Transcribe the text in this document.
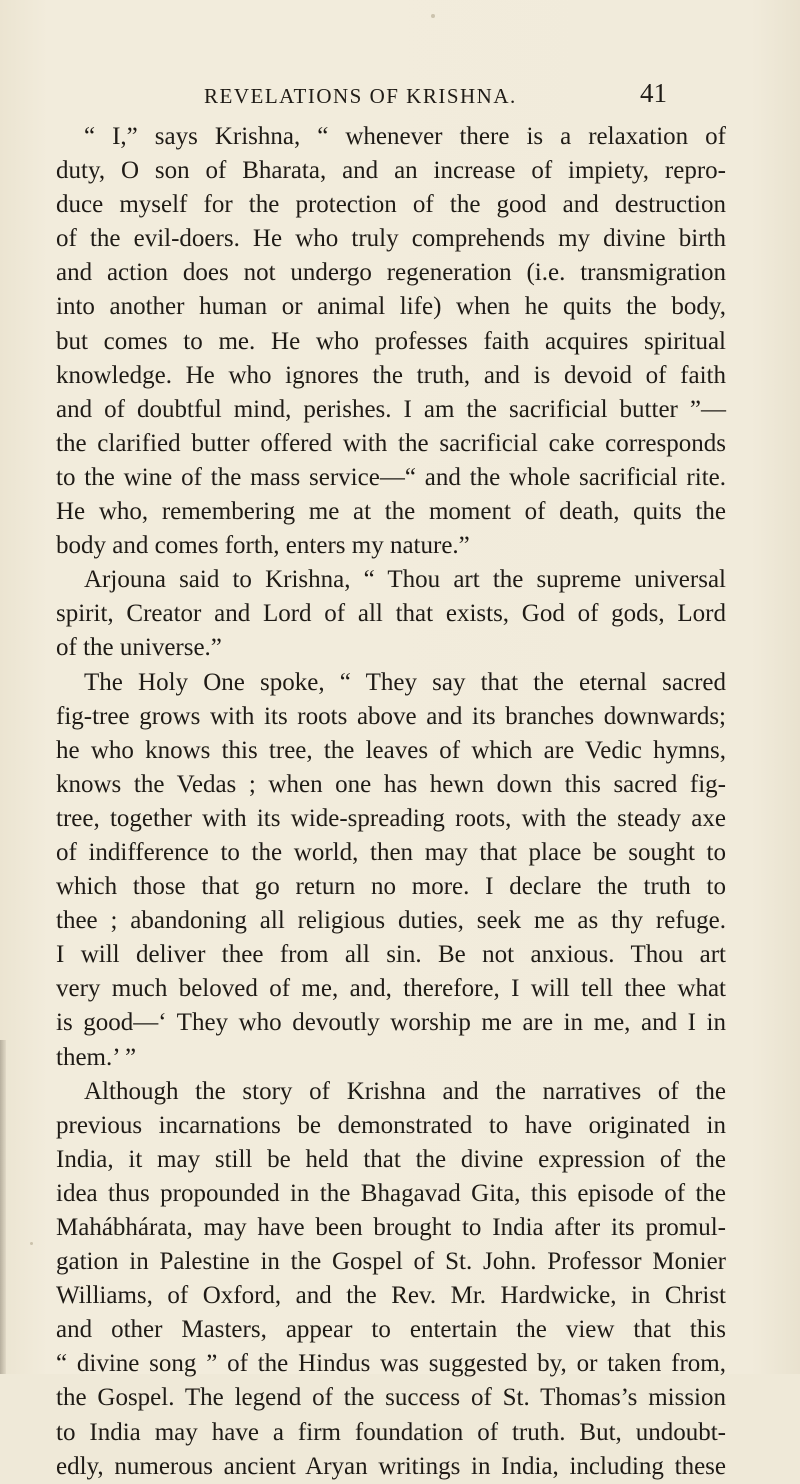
REVELATIONS OF KRISHNA.	41
“ I,” says Krishna, “ whenever there is a relaxation of
duty, O son of Bharata, and an increase of impiety, repro-
duce myself for the protection of the good and destruction
of the evil-doers. He who truly comprehends my divine birth
and action does not undergo regeneration (i.e. transmigration
into another human or animal life) when he quits the body,
but comes to me. He who professes faith acquires spiritual
knowledge. He who ignores the truth, and is devoid of faith
and of doubtful mind, perishes. I am the sacrificial butter ”—
the clarified butter offered with the sacrificial cake corresponds
to the wine of the mass service—“ and the whole sacrificial rite.
He who, remembering me at the moment of death, quits the
body and comes forth, enters my nature.”
Arjouna said to Krishna, “ Thou art the supreme universal
spirit, Creator and Lord of all that exists, God of gods, Lord
of the universe.”
The Holy One spoke, “ They say that the eternal sacred
fig-tree grows with its roots above and its branches downwards;
he who knows this tree, the leaves of which are Vedic hymns,
knows the Vedas ; when one has hewn down this sacred fig-
tree, together with its wide-spreading roots, with the steady axe
of indifference to the world, then may that place be sought to
which those that go return no more. I declare the truth to
thee ; abandoning all religious duties, seek me as thy refuge.
I will deliver thee from all sin. Be not anxious. Thou art
very much beloved of me, and, therefore, I will tell thee what
is good—‘ They who devoutly worship me are in me, and I in
them.’ ”
Although the story of Krishna and the narratives of the
previous incarnations be demonstrated to have originated in
India, it may still be held that the divine expression of the
idea thus propounded in the Bhagavad Gita, this episode of the
Mahábhárata, may have been brought to India after its promul-
gation in Palestine in the Gospel of St. John. Professor Monier
Williams, of Oxford, and the Rev. Mr. Hardwicke, in Christ
and other Masters, appear to entertain the view that this
“ divine song ” of the Hindus was suggested by, or taken from,
the Gospel. The legend of the success of St. Thomas’s mission
to India may have a firm foundation of truth. But, undoubt-
edly, numerous ancient Aryan writings in India, including these
